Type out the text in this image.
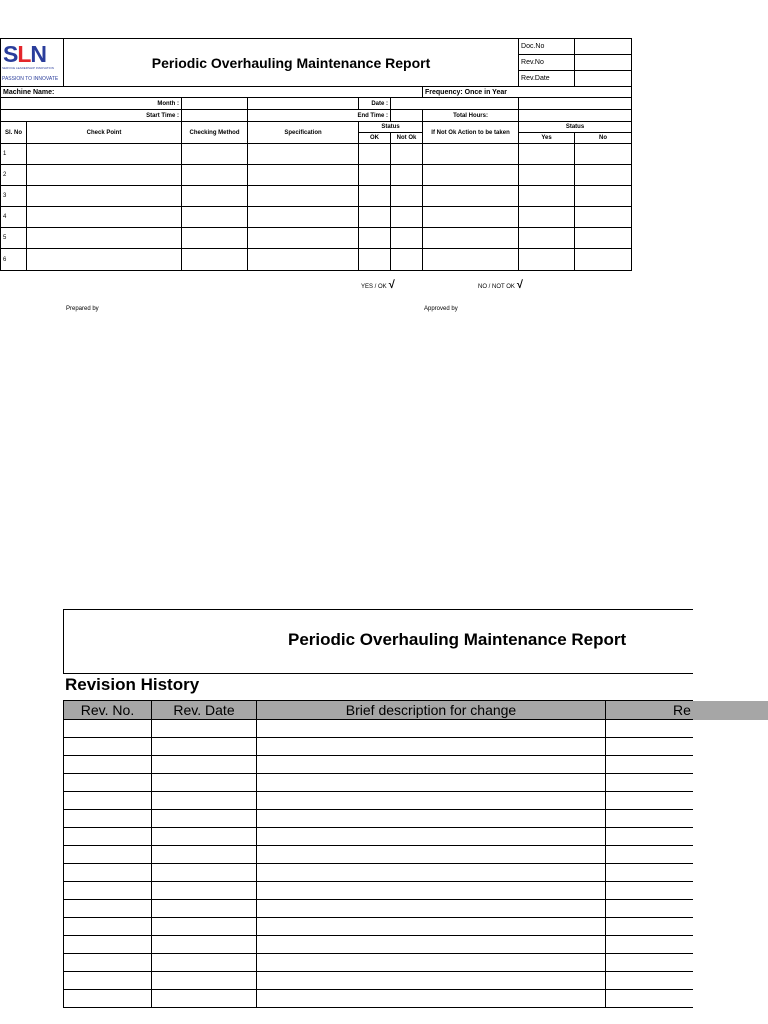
SLN
SERVICE LEADERSHIP INNOVATION
PASSION TO INNOVATE		Periodic Overhauling Maintenance Report						Doc.No	
								Rev.No	
								Rev.Date	
Machine Name:							Frequency: Once in Year		
Month :					Date :				
Start Time :				End Time :			Total Hours:		
Sl. No	Check Point		Checking Method	Specification	Status		If Not Ok Action to be taken	Status	
					OK	Not Ok		Yes	No
1									
2									
3									
4									
5									
6									
YES / OK √	NO / NOT OK √
Prepared by	Approved by
Periodic Overhauling Maintenance Report
Revision History
Rev. No.	Rev. Date	Brief description for change	Re
